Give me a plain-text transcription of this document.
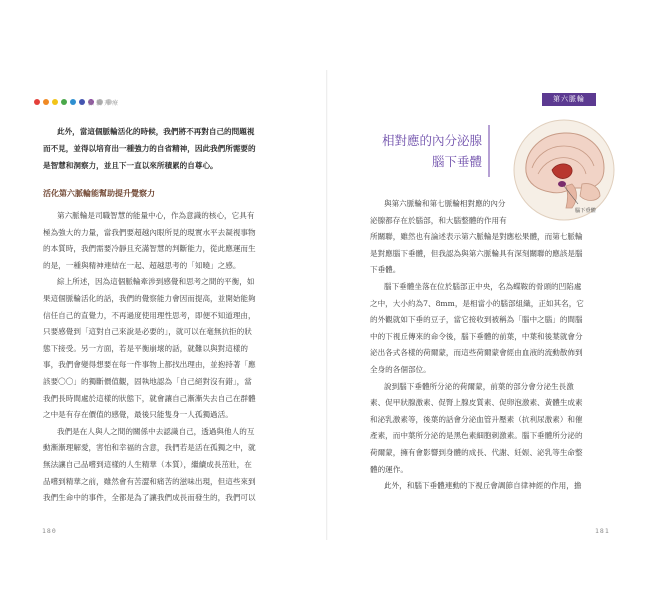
脈輪升療
此外，當這個脈輪活化的時候，我們將不再對自己的問題視
而不見，並得以培育出一種強力的自省精神，因此我們所需要的
是智慧和洞察力，並且下一直以來所積累的自尊心。
活化第六脈輪能幫助提升覺察力
第六脈輪是司職智慧的能量中心，作為意識的核心，它具有
極為強大的力量，當我們要超越內眼所見的現實水平去凝視事物
的本質時，我們需要冷靜且充滿智慧的判斷能力，從此應運而生
的是，一種與精神連結在一起、超越思考的「知曉」之感。
綜上所述，因為這個脈輪牽涉到感覺和思考之間的平衡，如
果這個脈輪活化的話，我們的覺察能力會因而提高，並開始能夠
信任自己的直覺力，不再過度使用理性思考，即便不知道理由，
只要感覺到「這對自己來說是必要的」，就可以在毫無抗拒的狀
態下接受。另一方面，若是平衡崩壞的話，就難以與對這樣的
事，我們會變得想要在每一件事物上都找出理由，並抱持著「應
該要〇〇」的獨斷價值觀，固執地認為「自己絕對沒有錯」，當
我們長時間處於這樣的狀態下，就會讓自己漸漸失去自己在群體
之中是有存在價值的感覺，最後只能隻身一人孤獨過活。
我們是在人與人之間的關係中去認識自己，透過與他人的互
動漸漸理解愛，害怕和幸福的含意，我們若是活在孤獨之中，就
無法讓自己品嚐到這樣的人生精華（本質），繼續成長茁壯，在
品嚐到精華之前，雖然會有苦澀和痛苦的滋味出現，但這些來到
我們生命中的事件，全都是為了讓我們成長而發生的，我們可以
180
第六脈輪
相對應的內分泌腺
腦下垂體
腦下垂體
與第六脈輪和第七脈輪相對應的內分
泌腺都存在於腦部，和大腦整體的作用有
所關聯，雖然也有論述表示第六脈輪是對應松果體，而第七脈輪
是對應腦下垂體，但我認為與第六脈輪具有深刻關聯的應該是腦
下垂體。
腦下垂體坐落在位於腦部正中央，名為蝶鞍的骨頭的凹陷處
之中，大小約為7、8mm，是相當小的腦部組織，正如其名，它
的外觀就如下垂的豆子，當它接收到被稱為「腦中之腦」的間腦
中的下視丘傳來的命令後，腦下垂體的前葉，中葉和後葉就會分
泌出各式各樣的荷爾蒙，而這些荷爾蒙會經由血液的流動散佈到
全身的各個部位。
說到腦下垂體所分泌的荷爾蒙，前葉的部分會分泌生長激
素、促甲狀腺激素、促腎上腺皮質素、促卵泡激素、黃體生成素
和泌乳激素等，後葉的話會分泌血管升壓素（抗利尿激素）和催
產素，而中葉所分泌的是黑色素細胞刺激素。腦下垂體所分泌的
荷爾蒙，擁有會影響到身體的成長、代謝、妊娠、泌乳等生命整
體的運作。
此外，和腦下垂體連動的下視丘會調節自律神經的作用，擔
181
